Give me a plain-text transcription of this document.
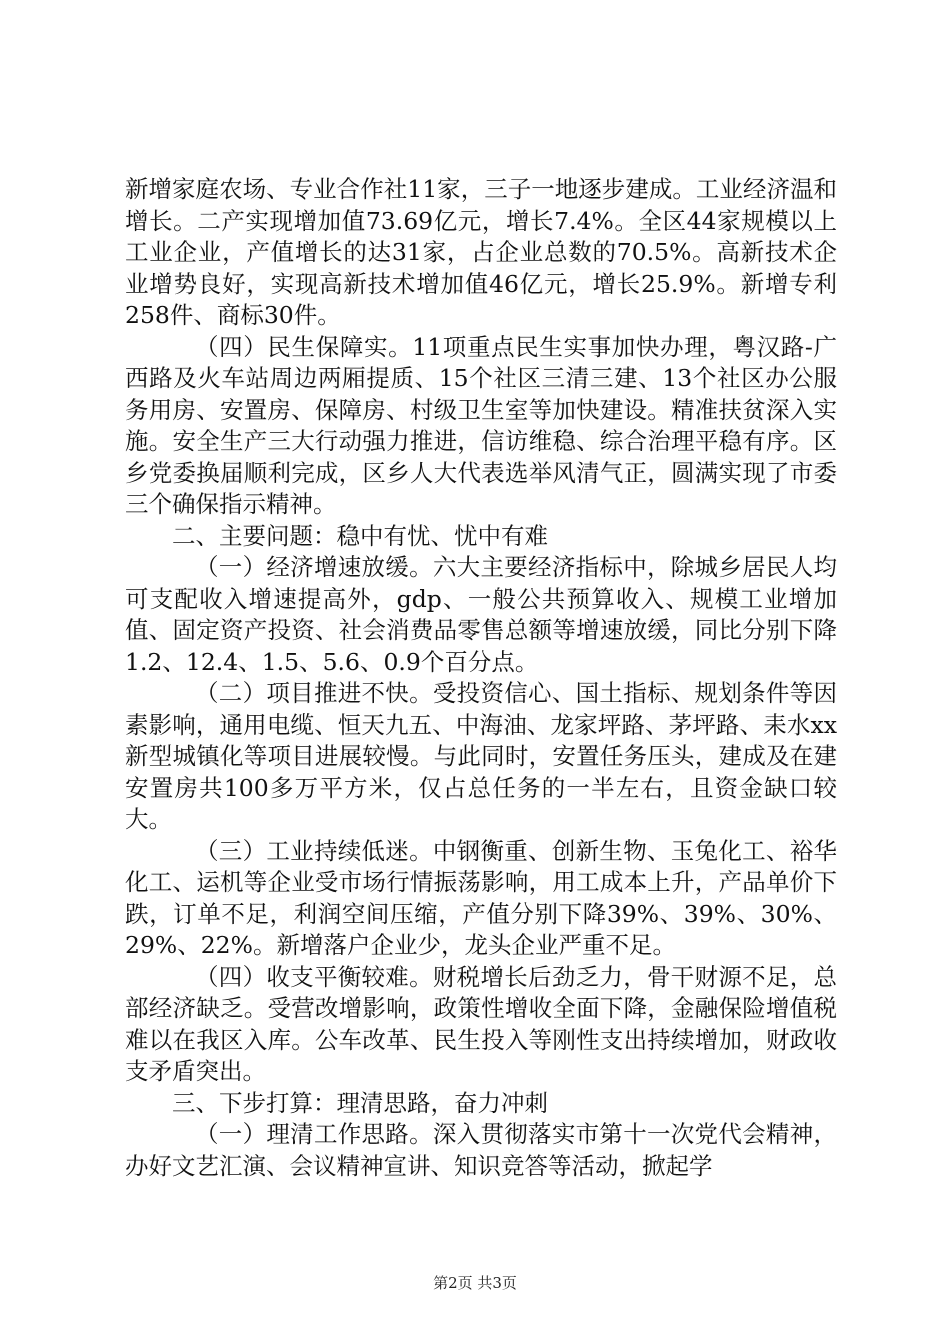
新增家庭农场、专业合作社11家，三子一地逐步建成。工业经济温和增长。二产实现增加值73.69亿元，增长7.4%。全区44家规模以上工业企业，产值增长的达31家，占企业总数的70.5%。高新技术企业增势良好，实现高新技术增加值46亿元，增长25.9%。新增专利258件、商标30件。

（四）民生保障实。11项重点民生实事加快办理，粤汉路-广西路及火车站周边两厢提质、15个社区三清三建、13个社区办公服务用房、安置房、保障房、村级卫生室等加快建设。精准扶贫深入实施。安全生产三大行动强力推进，信访维稳、综合治理平稳有序。区乡党委换届顺利完成，区乡人大代表选举风清气正，圆满实现了市委三个确保指示精神。

二、主要问题：稳中有忧、忧中有难

（一）经济增速放缓。六大主要经济指标中，除城乡居民人均可支配收入增速提高外，gdp、一般公共预算收入、规模工业增加值、固定资产投资、社会消费品零售总额等增速放缓，同比分别下降1.2、12.4、1.5、5.6、0.9个百分点。

（二）项目推进不快。受投资信心、国土指标、规划条件等因素影响，通用电缆、恒天九五、中海油、龙家坪路、茅坪路、耒水xx新型城镇化等项目进展较慢。与此同时，安置任务压头，建成及在建安置房共100多万平方米，仅占总任务的一半左右，且资金缺口较大。

（三）工业持续低迷。中钢衡重、创新生物、玉兔化工、裕华化工、运机等企业受市场行情振荡影响，用工成本上升，产品单价下跌，订单不足，利润空间压缩，产值分别下降39%、39%、30%、29%、22%。新增落户企业少，龙头企业严重不足。

（四）收支平衡较难。财税增长后劲乏力，骨干财源不足，总部经济缺乏。受营改增影响，政策性增收全面下降，金融保险增值税难以在我区入库。公车改革、民生投入等刚性支出持续增加，财政收支矛盾突出。

三、下步打算：理清思路，奋力冲刺

（一）理清工作思路。深入贯彻落实市第十一次党代会精神，办好文艺汇演、会议精神宣讲、知识竞答等活动，掀起学

第2页 共3页
